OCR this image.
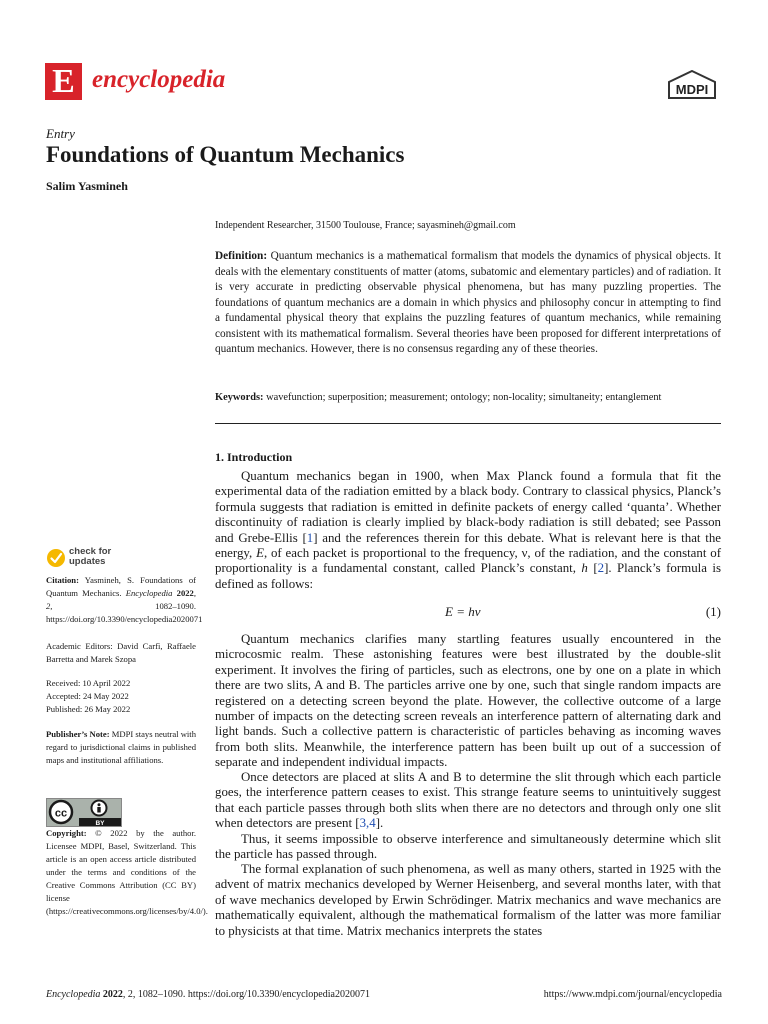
E encyclopedia	MDPI
Entry
Foundations of Quantum Mechanics
Salim Yasmineh
Independent Researcher, 31500 Toulouse, France; sayasmineh@gmail.com
Definition: Quantum mechanics is a mathematical formalism that models the dynamics of physical objects. It deals with the elementary constituents of matter (atoms, subatomic and elementary particles) and of radiation. It is very accurate in predicting observable physical phenomena, but has many puzzling properties. The foundations of quantum mechanics are a domain in which physics and philosophy concur in attempting to find a fundamental physical theory that explains the puzzling features of quantum mechanics, while remaining consistent with its mathematical formalism. Several theories have been proposed for different interpretations of quantum mechanics. However, there is no consensus regarding any of these theories.
Keywords: wavefunction; superposition; measurement; ontology; non-locality; simultaneity; entanglement
1. Introduction
Quantum mechanics began in 1900, when Max Planck found a formula that fit the experimental data of the radiation emitted by a black body. Contrary to classical physics, Planck’s formula suggests that radiation is emitted in definite packets of energy called ‘quanta’. Whether discontinuity of radiation is clearly implied by black-body radiation is still debated; see Passon and Grebe-Ellis [1] and the references therein for this debate. What is relevant here is that the energy, E, of each packet is proportional to the frequency, ν, of the radiation, and the constant of proportionality is a fundamental constant, called Planck’s constant, h [2]. Planck’s formula is defined as follows:
E = hν	(1)
Quantum mechanics clarifies many startling features usually encountered in the microcosmic realm. These astonishing features were best illustrated by the double-slit experiment. It involves the firing of particles, such as electrons, one by one on a plate in which there are two slits, A and B. The particles arrive one by one, such that single random impacts are registered on a detecting screen beyond the plate. However, the collective outcome of a large number of impacts on the detecting screen reveals an interference pattern of alternating dark and light bands. Such a collective pattern is characteristic of particles behaving as incoming waves from both slits. Meanwhile, the interference pattern has been built up out of a succession of separate and independent individual impacts.
Once detectors are placed at slits A and B to determine the slit through which each particle goes, the interference pattern ceases to exist. This strange feature seems to unintuitively suggest that each particle passes through both slits when there are no detectors and through only one slit when detectors are present [3,4].
Thus, it seems impossible to observe interference and simultaneously determine which slit the particle has passed through.
The formal explanation of such phenomena, as well as many others, started in 1925 with the advent of matrix mechanics developed by Werner Heisenberg, and several months later, with that of wave mechanics developed by Erwin Schrödinger. Matrix mechanics and wave mechanics are mathematically equivalent, although the mathematical formalism of the latter was more familiar to physicists at that time. Matrix mechanics interprets the states
check for
updates
Citation: Yasmineh, S. Foundations of Quantum Mechanics. Encyclopedia 2022, 2, 1082–1090. https://doi.org/10.3390/encyclopedia2020071
Academic Editors: David Carfì, Raffaele Barretta and Marek Szopa
Received: 10 April 2022
Accepted: 24 May 2022
Published: 26 May 2022
Publisher’s Note: MDPI stays neutral with regard to jurisdictional claims in published maps and institutional affiliations.
cc
BY
Copyright: © 2022 by the author. Licensee MDPI, Basel, Switzerland. This article is an open access article distributed under the terms and conditions of the Creative Commons Attribution (CC BY) license (https://creativecommons.org/licenses/by/4.0/).
Encyclopedia 2022, 2, 1082–1090. https://doi.org/10.3390/encyclopedia2020071	https://www.mdpi.com/journal/encyclopedia
